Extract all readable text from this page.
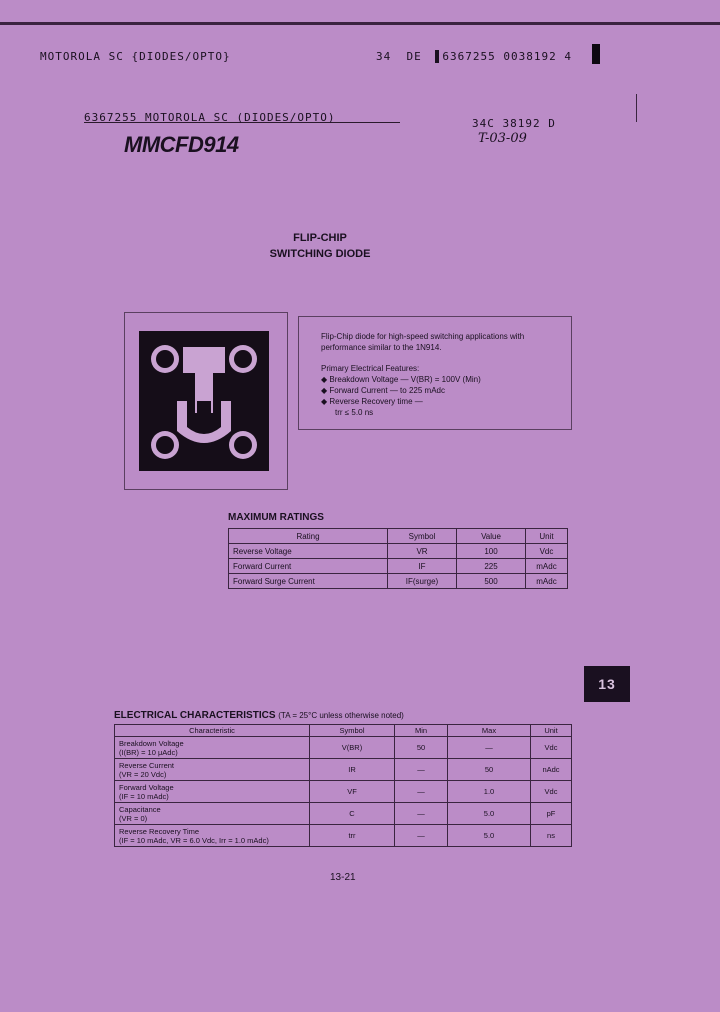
MOTOROLA SC {DIODES/OPTO}	34 DE 6367255 0038192 4
6367255 MOTOROLA SC (DIODES/OPTO)	34C 38192 D
T-03-09
MMCFD914
FLIP-CHIP
SWITCHING DIODE
Flip-Chip diode for high-speed switching applications with performance similar to the 1N914.
Primary Electrical Features:
◆ Breakdown Voltage — V(BR) = 100V (Min)
◆ Forward Current — to 225 mAdc
◆ Reverse Recovery time —
trr ≤ 5.0 ns
13
MAXIMUM RATINGS
Rating	Symbol	Value	Unit
Reverse Voltage	VR	100	Vdc
Forward Current	IF	225	mAdc
Forward Surge Current	IF(surge)	500	mAdc
ELECTRICAL CHARACTERISTICS (TA = 25°C unless otherwise noted)
Characteristic	Symbol	Min	Max	Unit

Breakdown Voltage
(I(BR) = 10 μAdc)	V(BR)	50	—	Vdc

Reverse Current
(VR = 20 Vdc)	IR	—	50	nAdc

Forward Voltage
(IF = 10 mAdc)	VF	—	1.0	Vdc

Capacitance
(VR = 0)	C	—	5.0	pF

Reverse Recovery Time
(IF = 10 mAdc, VR = 6.0 Vdc, Irr = 1.0 mAdc)	trr	—	5.0	ns
13-21
